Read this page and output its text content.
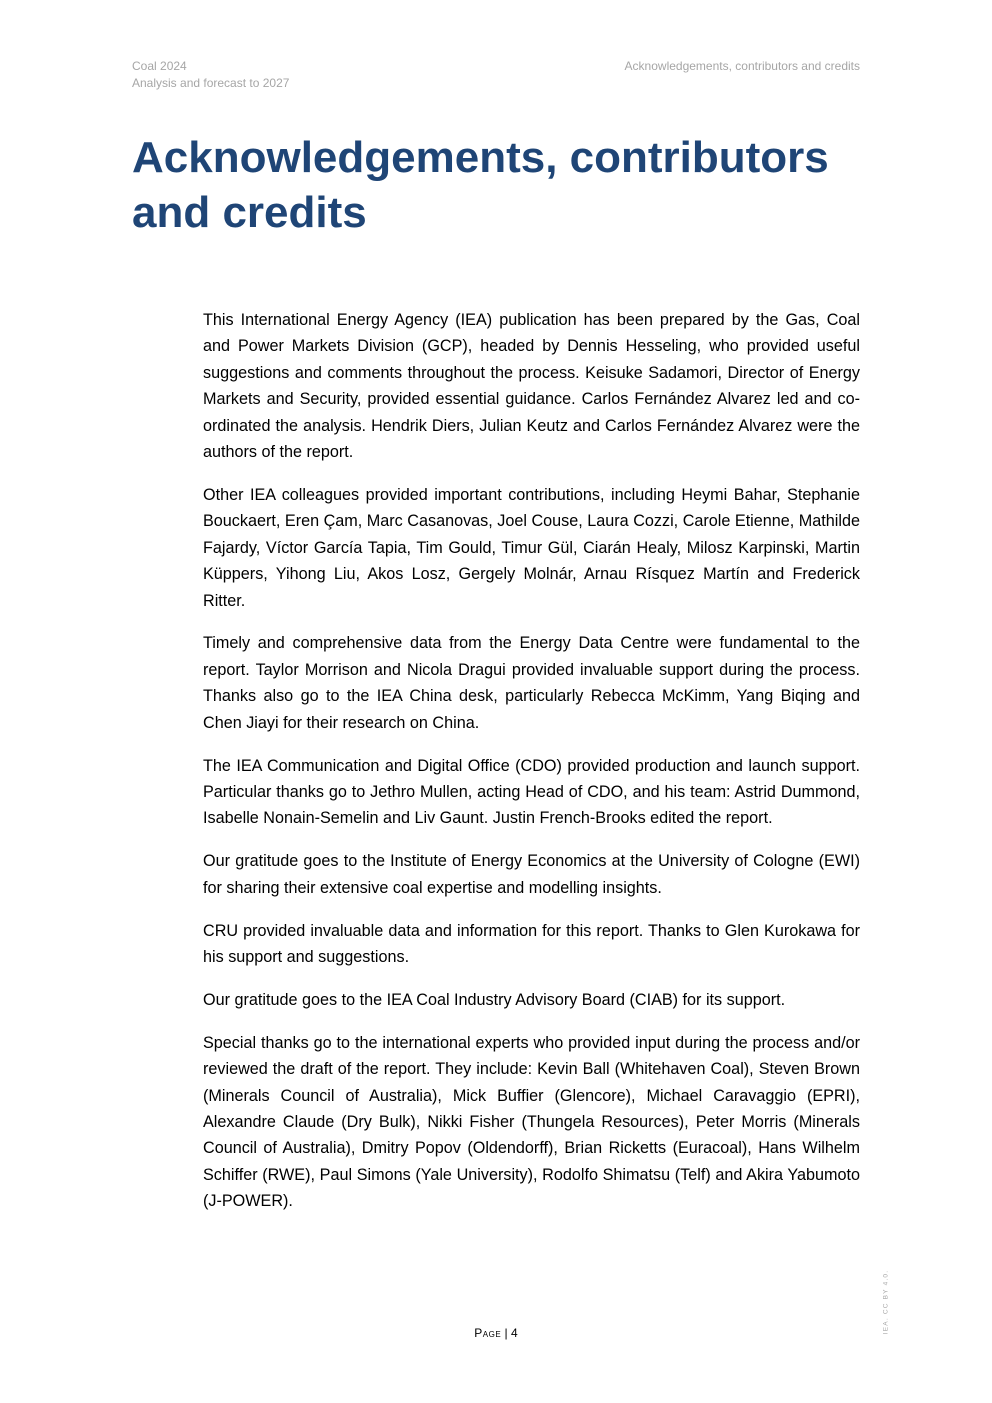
Coal 2024
Analysis and forecast to 2027
Acknowledgements, contributors and credits
Acknowledgements, contributors and credits

This International Energy Agency (IEA) publication has been prepared by the Gas, Coal and Power Markets Division (GCP), headed by Dennis Hesseling, who provided useful suggestions and comments throughout the process. Keisuke Sadamori, Director of Energy Markets and Security, provided essential guidance. Carlos Fernández Alvarez led and co-ordinated the analysis. Hendrik Diers, Julian Keutz and Carlos Fernández Alvarez were the authors of the report.

Other IEA colleagues provided important contributions, including Heymi Bahar, Stephanie Bouckaert, Eren Çam, Marc Casanovas, Joel Couse, Laura Cozzi, Carole Etienne, Mathilde Fajardy, Víctor García Tapia, Tim Gould, Timur Gül, Ciarán Healy, Milosz Karpinski, Martin Küppers, Yihong Liu, Akos Losz, Gergely Molnár, Arnau Rísquez Martín and Frederick Ritter.

Timely and comprehensive data from the Energy Data Centre were fundamental to the report. Taylor Morrison and Nicola Dragui provided invaluable support during the process. Thanks also go to the IEA China desk, particularly Rebecca McKimm, Yang Biqing and Chen Jiayi for their research on China.

The IEA Communication and Digital Office (CDO) provided production and launch support. Particular thanks go to Jethro Mullen, acting Head of CDO, and his team: Astrid Dummond, Isabelle Nonain-Semelin and Liv Gaunt. Justin French-Brooks edited the report.

Our gratitude goes to the Institute of Energy Economics at the University of Cologne (EWI) for sharing their extensive coal expertise and modelling insights.

CRU provided invaluable data and information for this report. Thanks to Glen Kurokawa for his support and suggestions.

Our gratitude goes to the IEA Coal Industry Advisory Board (CIAB) for its support.

Special thanks go to the international experts who provided input during the process and/or reviewed the draft of the report. They include: Kevin Ball (Whitehaven Coal), Steven Brown (Minerals Council of Australia), Mick Buffier (Glencore), Michael Caravaggio (EPRI), Alexandre Claude (Dry Bulk), Nikki Fisher (Thungela Resources), Peter Morris (Minerals Council of Australia), Dmitry Popov (Oldendorff), Brian Ricketts (Euracoal), Hans Wilhelm Schiffer (RWE), Paul Simons (Yale University), Rodolfo Shimatsu (Telf) and Akira Yabumoto (J-POWER).

Page | 4	IEA. CC BY 4.0.
